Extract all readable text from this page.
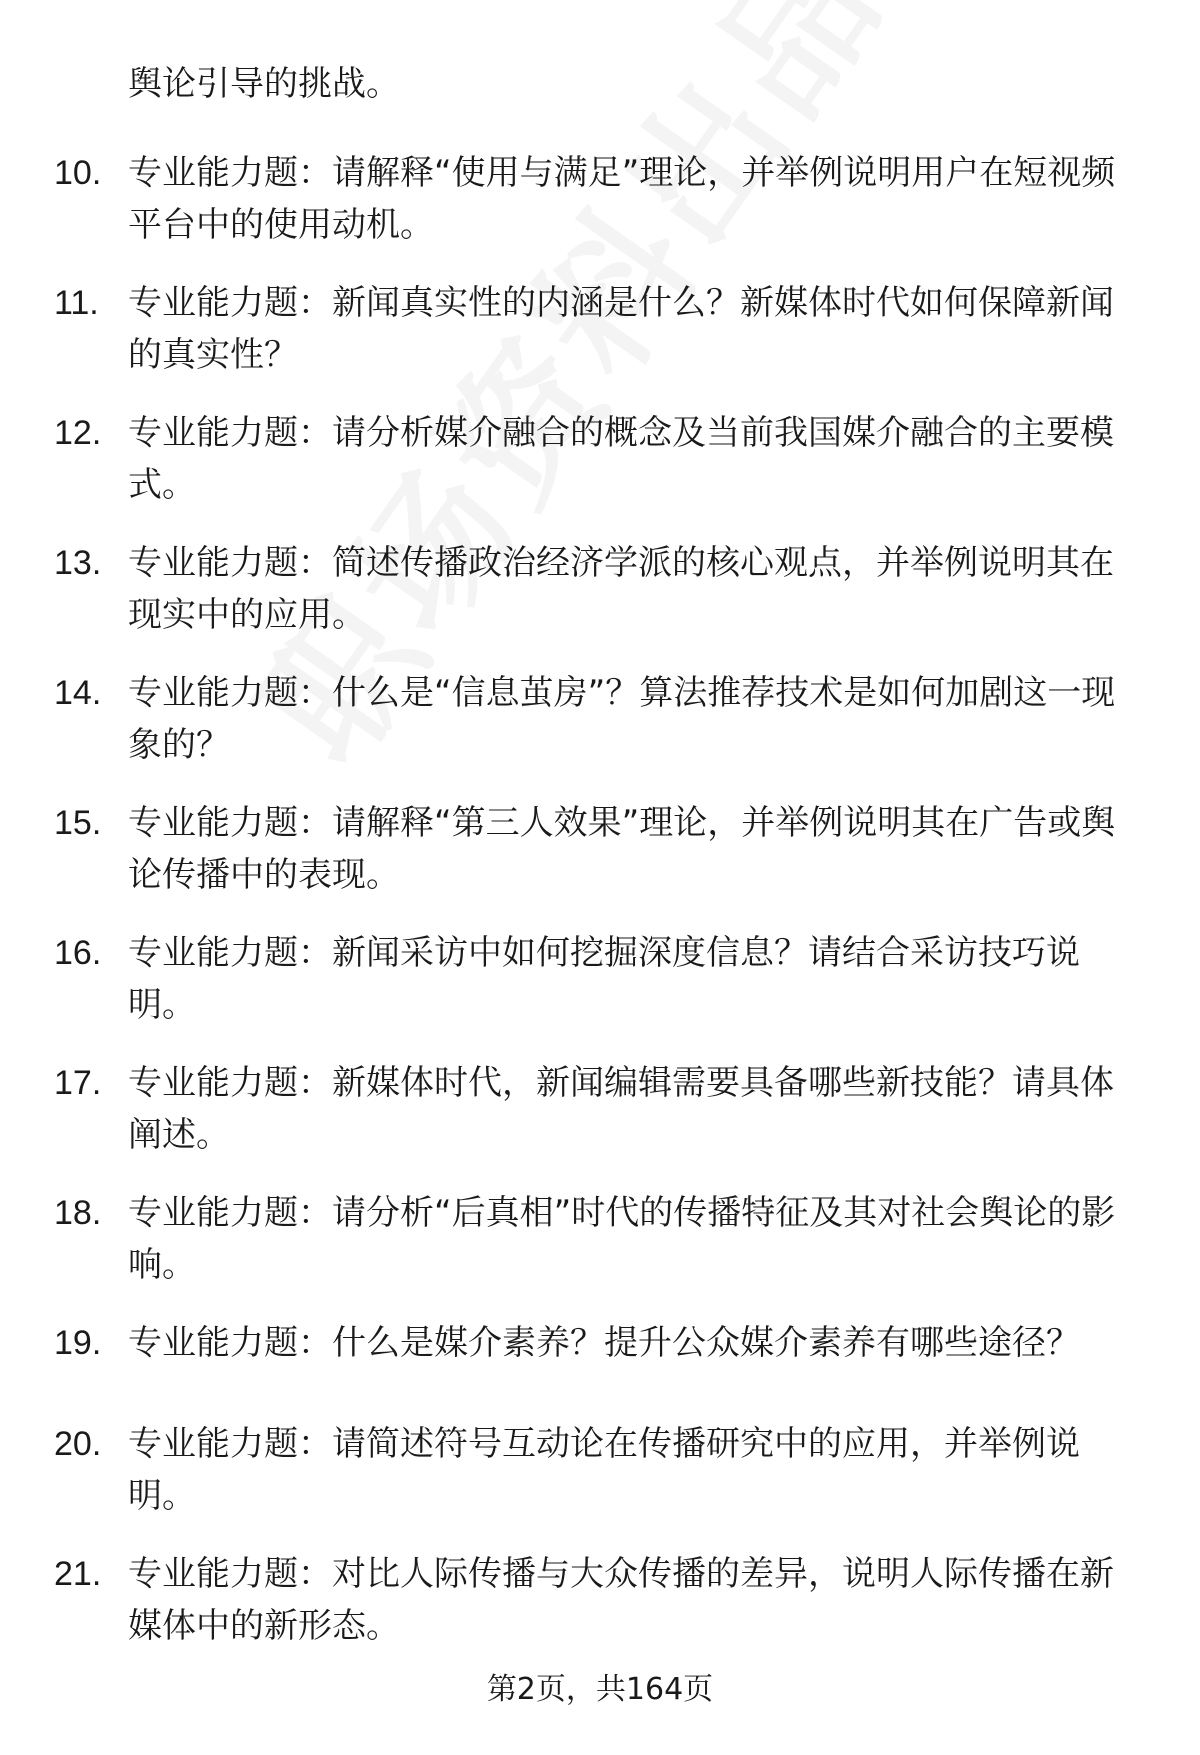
舆论引导的挑战。

10. 专业能力题：请解释“使用与满足”理论，并举例说明用户在短视频平台中的使用动机。

11. 专业能力题：新闻真实性的内涵是什么？新媒体时代如何保障新闻的真实性？

12. 专业能力题：请分析媒介融合的概念及当前我国媒介融合的主要模式。

13. 专业能力题：简述传播政治经济学派的核心观点，并举例说明其在现实中的应用。

14. 专业能力题：什么是“信息茧房”？算法推荐技术是如何加剧这一现象的？

15. 专业能力题：请解释“第三人效果”理论，并举例说明其在广告或舆论传播中的表现。

16. 专业能力题：新闻采访中如何挖掘深度信息？请结合采访技巧说明。

17. 专业能力题：新媒体时代，新闻编辑需要具备哪些新技能？请具体阐述。

18. 专业能力题：请分析“后真相”时代的传播特征及其对社会舆论的影响。

19. 专业能力题：什么是媒介素养？提升公众媒介素养有哪些途径？

20. 专业能力题：请简述符号互动论在传播研究中的应用，并举例说明。

21. 专业能力题：对比人际传播与大众传播的差异，说明人际传播在新媒体中的新形态。

第2页，共164页
